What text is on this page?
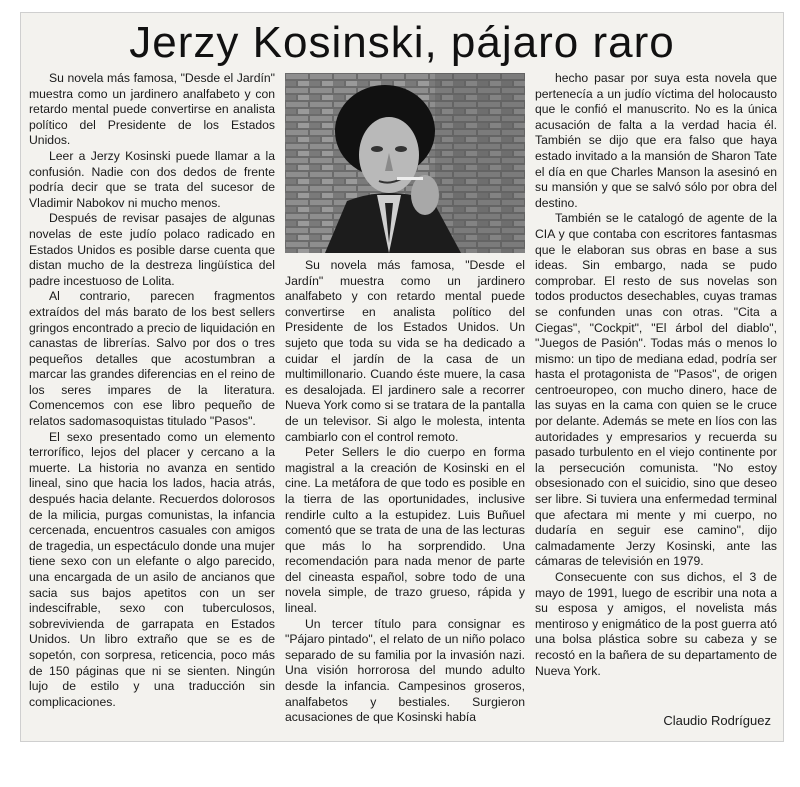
Jerzy Kosinski, pájaro raro

Su novela más famosa, "Desde el Jardín" muestra como un jardinero analfabeto y con retardo mental puede convertirse en analista político del Presidente de los Estados Unidos.

Leer a Jerzy Kosinski puede llamar a la confusión. Nadie con dos dedos de frente podría decir que se trata del sucesor de Vladimir Nabokov ni mucho menos.

Después de revisar pasajes de algunas novelas de este judío polaco radicado en Estados Unidos es posible darse cuenta que distan mucho de la destreza lingüística del padre incestuoso de Lolita.

Al contrario, parecen fragmentos extraídos del más barato de los best sellers gringos encontrado a precio de liquidación en canastas de librerías. Salvo por dos o tres pequeños detalles que acostumbran a marcar las grandes diferencias en el reino de los seres impares de la literatura. Comencemos con ese libro pequeño de relatos sadomasoquistas titulado "Pasos".

El sexo presentado como un elemento terrorífico, lejos del placer y cercano a la muerte. La historia no avanza en sentido lineal, sino que hacia los lados, hacia atrás, después hacia delante. Recuerdos dolorosos de la milicia, purgas comunistas, la infancia cercenada, encuentros casuales con amigos de tragedia, un espectáculo donde una mujer tiene sexo con un elefante o algo parecido, una encargada de un asilo de ancianos que sacia sus bajos apetitos con un ser indescifrable, sexo con tuberculosos, sobrevivienda de garrapata en Estados Unidos. Un libro extraño que se es de sopetón, con sorpresa, reticencia, poco más de 150 páginas que ni se sienten. Ningún lujo de estilo y una traducción sin complicaciones.

Su novela más famosa, "Desde el Jardín" muestra como un jardinero analfabeto y con retardo mental puede convertirse en analista político del Presidente de los Estados Unidos. Un sujeto que toda su vida se ha dedicado a cuidar el jardín de la casa de un multimillonario. Cuando éste muere, la casa es desalojada. El jardinero sale a recorrer Nueva York como si se tratara de la pantalla de un televisor. Si algo le molesta, intenta cambiarlo con el control remoto.

Peter Sellers le dio cuerpo en forma magistral a la creación de Kosinski en el cine. La metáfora de que todo es posible en la tierra de las oportunidades, inclusive rendirle culto a la estupidez. Luis Buñuel comentó que se trata de una de las lecturas que más lo ha sorprendido. Una recomendación para nada menor de parte del cineasta español, sobre todo de una novela simple, de trazo grueso, rápida y lineal.

Un tercer título para consignar es "Pájaro pintado", el relato de un niño polaco separado de su familia por la invasión nazi. Una visión horrorosa del mundo adulto desde la infancia. Campesinos groseros, analfabetos y bestiales. Surgieron acusaciones de que Kosinski había

hecho pasar por suya esta novela que pertenecía a un judío víctima del holocausto que le confió el manuscrito. No es la única acusación de falta a la verdad hacia él. También se dijo que era falso que haya estado invitado a la mansión de Sharon Tate el día en que Charles Manson la asesinó en su mansión y que se salvó sólo por obra del destino.

También se le catalogó de agente de la CIA y que contaba con escritores fantasmas que le elaboran sus obras en base a sus ideas. Sin embargo, nada se pudo comprobar. El resto de sus novelas son todos productos desechables, cuyas tramas se confunden unas con otras. "Cita a Ciegas", "Cockpit", "El árbol del diablo", "Juegos de Pasión". Todas más o menos lo mismo: un tipo de mediana edad, podría ser hasta el protagonista de "Pasos", de origen centroeuropeo, con mucho dinero, hace de las suyas en la cama con quien se le cruce por delante. Además se mete en líos con las autoridades y empresarios y recuerda su pasado turbulento en el viejo continente por la persecución comunista. "No estoy obsesionado con el suicidio, sino que deseo ser libre. Si tuviera una enfermedad terminal que afectara mi mente y mi cuerpo, no dudaría en seguir ese camino", dijo calmadamente Jerzy Kosinski, ante las cámaras de televisión en 1979.

Consecuente con sus dichos, el 3 de mayo de 1991, luego de escribir una nota a su esposa y amigos, el novelista más mentiroso y enigmático de la post guerra ató una bolsa plástica sobre su cabeza y se recostó en la bañera de su departamento de Nueva York.

Claudio Rodríguez
